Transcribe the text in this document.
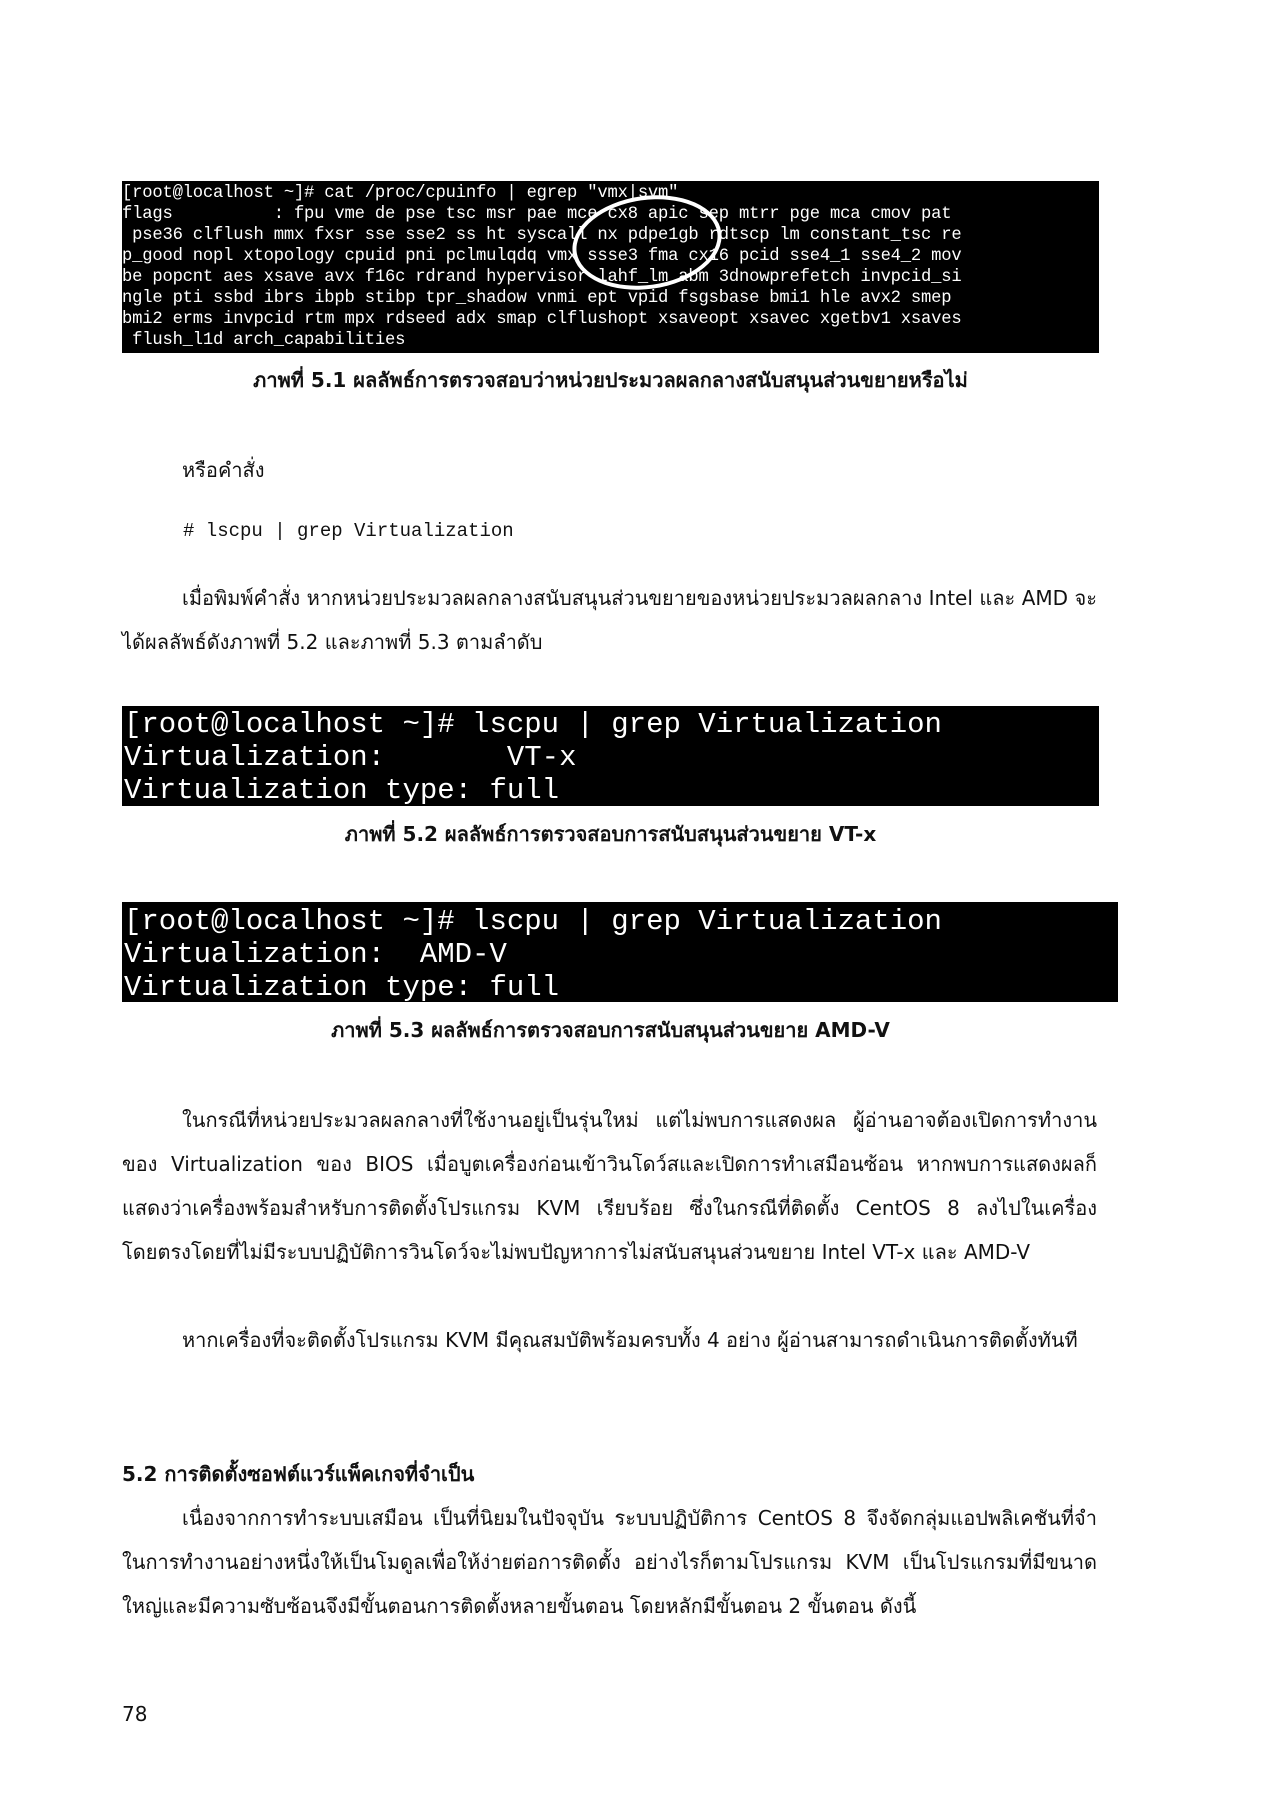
[root@localhost ~]# cat /proc/cpuinfo | egrep "vmx|svm"
flags          : fpu vme de pse tsc msr pae mce cx8 apic sep mtrr pge mca cmov pat
pse36 clflush mmx fxsr sse sse2 ss ht syscall nx pdpe1gb rdtscp lm constant_tsc re
p_good nopl xtopology cpuid pni pclmulqdq vmx ssse3 fma cx16 pcid sse4_1 sse4_2 mov
be popcnt aes xsave avx f16c rdrand hypervisor lahf_lm abm 3dnowprefetch invpcid_si
ngle pti ssbd ibrs ibpb stibp tpr_shadow vnmi ept vpid fsgsbase bmi1 hle avx2 smep
bmi2 erms invpcid rtm mpx rdseed adx smap clflushopt xsaveopt xsavec xgetbv1 xsaves
flush_l1d arch_capabilities
ภาพที่ 5.1 ผลลัพธ์การตรวจสอบว่าหน่วยประมวลผลกลางสนับสนุนส่วนขยายหรือไม่
หรือคำสั่ง
# lscpu | grep Virtualization
เมื่อพิมพ์คำสั่ง หากหน่วยประมวลผลกลางสนับสนุนส่วนขยายของหน่วยประมวลผลกลาง Intel และ AMD จะได้ผลลัพธ์ดังภาพที่ 5.2 และภาพที่ 5.3 ตามลำดับ
[root@localhost ~]# lscpu | grep Virtualization
Virtualization:       VT-x
Virtualization type: full
ภาพที่ 5.2 ผลลัพธ์การตรวจสอบการสนับสนุนส่วนขยาย VT-x
[root@localhost ~]# lscpu | grep Virtualization
Virtualization:  AMD-V
Virtualization type: full
ภาพที่ 5.3 ผลลัพธ์การตรวจสอบการสนับสนุนส่วนขยาย AMD-V
ในกรณีที่หน่วยประมวลผลกลางที่ใช้งานอยู่เป็นรุ่นใหม่ แต่ไม่พบการแสดงผล ผู้อ่านอาจต้องเปิดการทำงานของ Virtualization ของ BIOS เมื่อบูตเครื่องก่อนเข้าวินโดว์สและเปิดการทำเสมือนซ้อน หากพบการแสดงผลก็แสดงว่าเครื่องพร้อมสำหรับการติดตั้งโปรแกรม KVM เรียบร้อย ซึ่งในกรณีที่ติดตั้ง CentOS 8 ลงไปในเครื่องโดยตรงโดยที่ไม่มีระบบปฏิบัติการวินโดว์จะไม่พบปัญหาการไม่สนับสนุนส่วนขยาย Intel VT-x และ AMD-V
หากเครื่องที่จะติดตั้งโปรแกรม KVM มีคุณสมบัติพร้อมครบทั้ง 4 อย่าง ผู้อ่านสามารถดำเนินการติดตั้งทันที
5.2 การติดตั้งซอฟต์แวร์แพ็คเกจที่จำเป็น
เนื่องจากการทำระบบเสมือน เป็นที่นิยมในปัจจุบัน ระบบปฏิบัติการ CentOS 8 จึงจัดกลุ่มแอปพลิเคชันที่จำในการทำงานอย่างหนึ่งให้เป็นโมดูลเพื่อให้ง่ายต่อการติดตั้ง อย่างไรก็ตามโปรแกรม KVM เป็นโปรแกรมที่มีขนาดใหญ่และมีความซับซ้อนจึงมีขั้นตอนการติดตั้งหลายขั้นตอน โดยหลักมีขั้นตอน 2 ขั้นตอน ดังนี้
78
